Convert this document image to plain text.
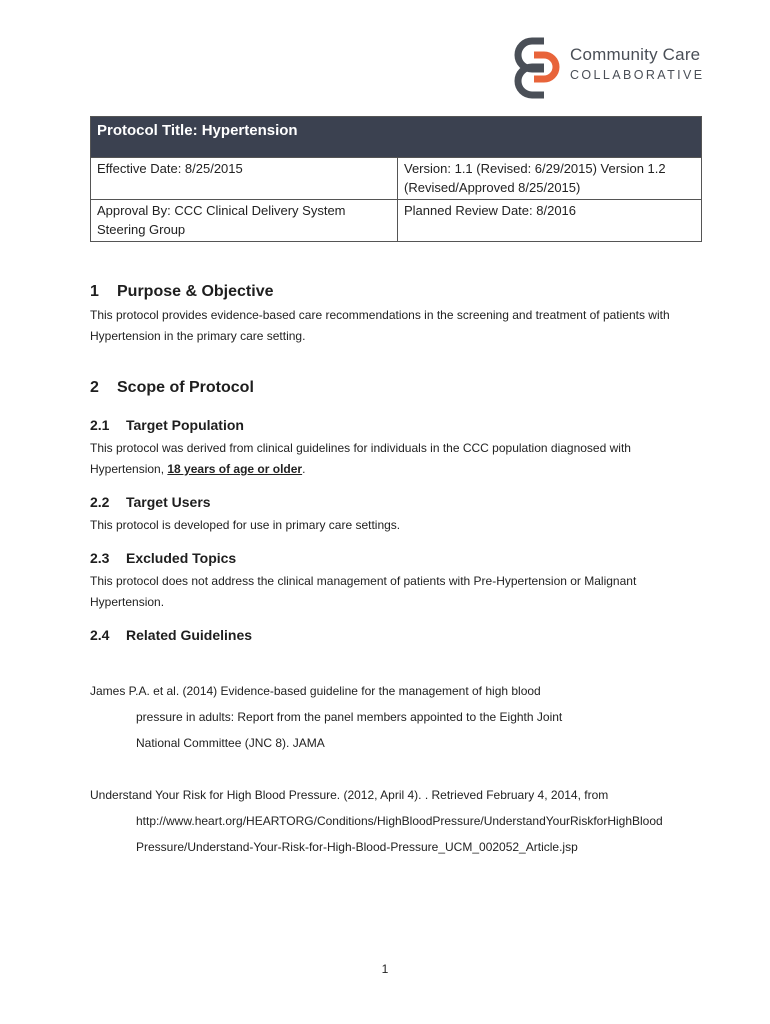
Community Care
COLLABORATIVE
Protocol Title: Hypertension	
Effective Date: 8/25/2015	Version: 1.1 (Revised: 6/29/2015) Version 1.2 (Revised/Approved 8/25/2015)
Approval By: CCC Clinical Delivery System Steering Group	Planned Review Date: 8/2016
1 Purpose & Objective
This protocol provides evidence-based care recommendations in the screening and treatment of patients with Hypertension in the primary care setting.
2 Scope of Protocol
2.1 Target Population
This protocol was derived from clinical guidelines for individuals in the CCC population diagnosed with Hypertension, 18 years of age or older.
2.2 Target Users
This protocol is developed for use in primary care settings.
2.3 Excluded Topics
This protocol does not address the clinical management of patients with Pre-Hypertension or Malignant Hypertension.
2.4 Related Guidelines
James P.A. et al. (2014) Evidence-based guideline for the management of high blood
pressure in adults: Report from the panel members appointed to the Eighth Joint
National Committee (JNC 8). JAMA
Understand Your Risk for High Blood Pressure. (2012, April 4). . Retrieved February 4, 2014, from
http://www.heart.org/HEARTORG/Conditions/HighBloodPressure/UnderstandYourRiskforHighBlood
Pressure/Understand-Your-Risk-for-High-Blood-Pressure_UCM_002052_Article.jsp
1
